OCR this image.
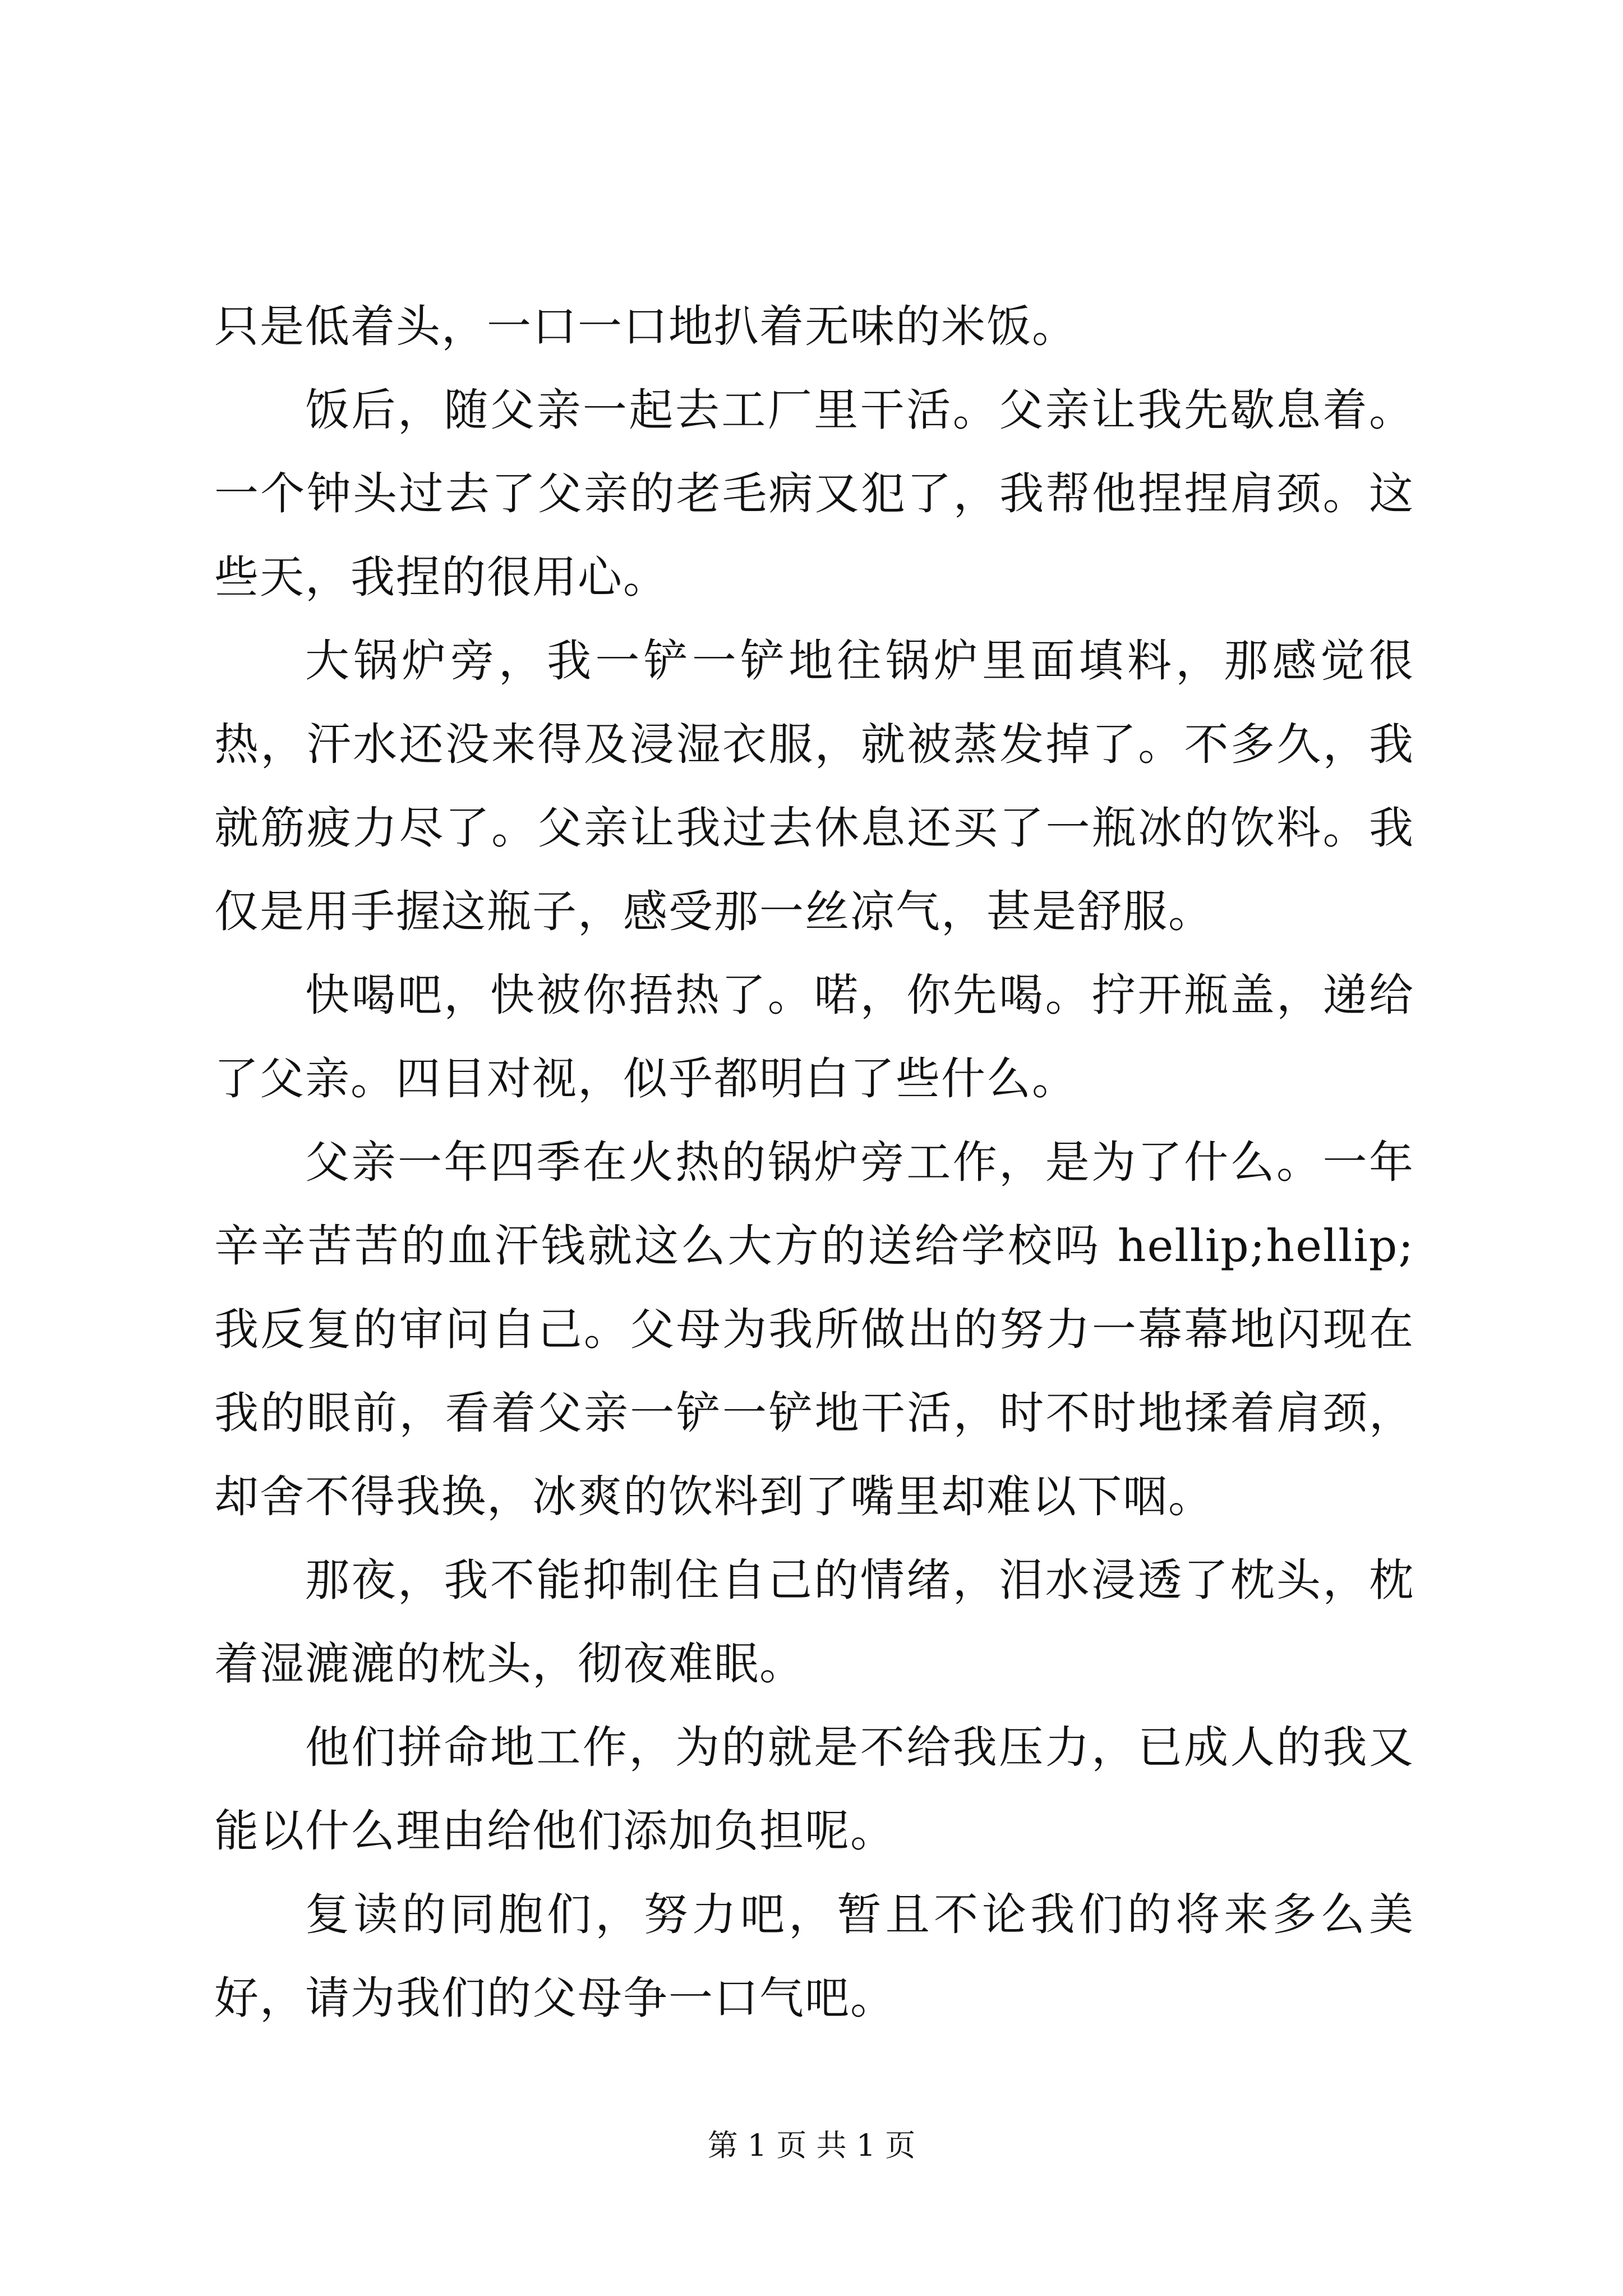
只是低着头，一口一口地扒着无味的米饭。

饭后，随父亲一起去工厂里干活。父亲让我先歇息着。一个钟头过去了父亲的老毛病又犯了，我帮他捏捏肩颈。这些天，我捏的很用心。

大锅炉旁，我一铲一铲地往锅炉里面填料，那感觉很热，汗水还没来得及浸湿衣服，就被蒸发掉了。不多久，我就筋疲力尽了。父亲让我过去休息还买了一瓶冰的饮料。我仅是用手握这瓶子，感受那一丝凉气，甚是舒服。

快喝吧，快被你捂热了。喏，你先喝。拧开瓶盖，递给了父亲。四目对视，似乎都明白了些什么。

父亲一年四季在火热的锅炉旁工作，是为了什么。一年辛辛苦苦的血汗钱就这么大方的送给学校吗 hellip;hellip;我反复的审问自己。父母为我所做出的努力一幕幕地闪现在我的眼前，看着父亲一铲一铲地干活，时不时地揉着肩颈，却舍不得我换，冰爽的饮料到了嘴里却难以下咽。

那夜，我不能抑制住自己的情绪，泪水浸透了枕头，枕着湿漉漉的枕头，彻夜难眠。

他们拼命地工作，为的就是不给我压力，已成人的我又能以什么理由给他们添加负担呢。

复读的同胞们，努力吧，暂且不论我们的将来多么美好，请为我们的父母争一口气吧。

第 1 页 共 1 页
